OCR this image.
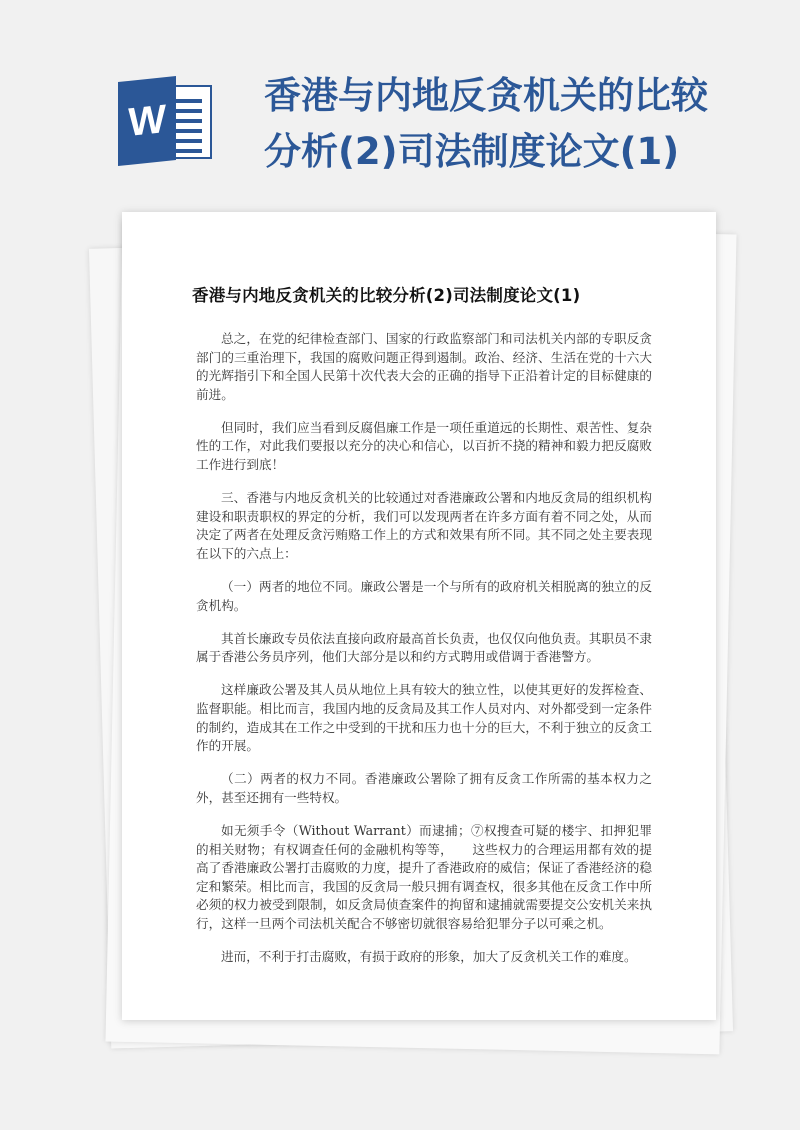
W
香港与内地反贪机关的比较分析(2)司法制度论文(1)
香港与内地反贪机关的比较分析(2)司法制度论文(1)

总之，在党的纪律检查部门、国家的行政监察部门和司法机关内部的专职反贪部门的三重治理下，我国的腐败问题正得到遏制。政治、经济、生活在党的十六大的光辉指引下和全国人民第十次代表大会的正确的指导下正沿着计定的目标健康的前进。

但同时，我们应当看到反腐倡廉工作是一项任重道远的长期性、艰苦性、复杂性的工作，对此我们要报以充分的决心和信心，以百折不挠的精神和毅力把反腐败工作进行到底！

三、香港与内地反贪机关的比较通过对香港廉政公署和内地反贪局的组织机构建设和职责职权的界定的分析，我们可以发现两者在许多方面有着不同之处，从而决定了两者在处理反贪污贿赂工作上的方式和效果有所不同。其不同之处主要表现在以下的六点上：

（一）两者的地位不同。廉政公署是一个与所有的政府机关相脱离的独立的反贪机构。

其首长廉政专员依法直接向政府最高首长负责，也仅仅向他负责。其职员不隶属于香港公务员序列，他们大部分是以和约方式聘用或借调于香港警方。

这样廉政公署及其人员从地位上具有较大的独立性，以使其更好的发挥检查、监督职能。相比而言，我国内地的反贪局及其工作人员对内、对外都受到一定条件的制约，造成其在工作之中受到的干扰和压力也十分的巨大，不利于独立的反贪工作的开展。

（二）两者的权力不同。香港廉政公署除了拥有反贪工作所需的基本权力之外，甚至还拥有一些特权。

如无须手令（Without Warrant）而逮捕；⑦权搜查可疑的楼宇、扣押犯罪的相关财物；有权调查任何的金融机构等等，　　这些权力的合理运用都有效的提高了香港廉政公署打击腐败的力度，提升了香港政府的威信；保证了香港经济的稳定和繁荣。相比而言，我国的反贪局一般只拥有调查权，很多其他在反贪工作中所必须的权力被受到限制，如反贪局侦查案件的拘留和逮捕就需要提交公安机关来执行，这样一旦两个司法机关配合不够密切就很容易给犯罪分子以可乘之机。

进而，不利于打击腐败，有损于政府的形象，加大了反贪机关工作的难度。
